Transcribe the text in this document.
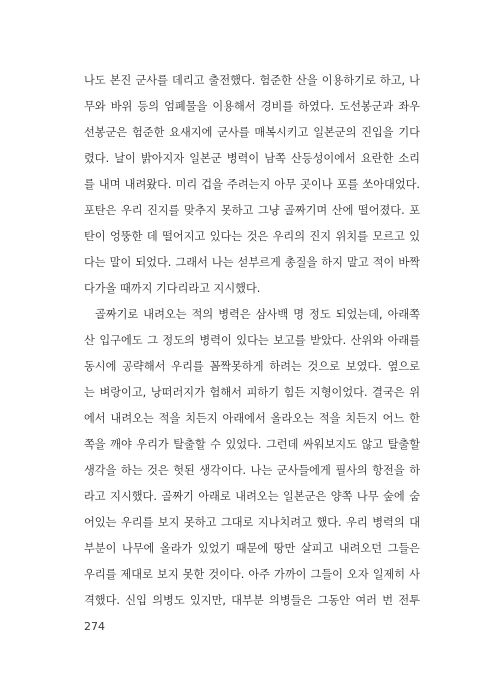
나도 본진 군사를 데리고 출전했다. 험준한 산을 이용하기로 하고, 나
무와 바위 등의 엄폐물을 이용해서 경비를 하였다. 도선봉군과 좌우
선봉군은 험준한 요새지에 군사를 매복시키고 일본군의 진입을 기다
렸다. 날이 밝아지자 일본군 병력이 남쪽 산등성이에서 요란한 소리
를 내며 내려왔다. 미리 겁을 주려는지 아무 곳이나 포를 쏘아대었다.
포탄은 우리 진지를 맞추지 못하고 그냥 골짜기며 산에 떨어졌다. 포
탄이 엉뚱한 데 떨어지고 있다는 것은 우리의 진지 위치를 모르고 있
다는 말이 되었다. 그래서 나는 섣부르게 총질을 하지 말고 적이 바짝
다가올 때까지 기다리라고 지시했다.
골짜기로 내려오는 적의 병력은 삼사백 명 정도 되었는데, 아래쪽
산 입구에도 그 정도의 병력이 있다는 보고를 받았다. 산위와 아래를
동시에 공략해서 우리를 꼼짝못하게 하려는 것으로 보였다. 옆으로
는 벼랑이고, 낭떠러지가 험해서 피하기 힘든 지형이었다. 결국은 위
에서 내려오는 적을 치든지 아래에서 올라오는 적을 치든지 어느 한
쪽을 깨야 우리가 탈출할 수 있었다. 그런데 싸워보지도 않고 탈출할
생각을 하는 것은 헛된 생각이다. 나는 군사들에게 필사의 항전을 하
라고 지시했다. 골짜기 아래로 내려오는 일본군은 양쪽 나무 숲에 숨
어있는 우리를 보지 못하고 그대로 지나치려고 했다. 우리 병력의 대
부분이 나무에 올라가 있었기 때문에 땅만 살피고 내려오던 그들은
우리를 제대로 보지 못한 것이다. 아주 가까이 그들이 오자 일제히 사
격했다. 신입 의병도 있지만, 대부분 의병들은 그동안 여러 번 전투
274
